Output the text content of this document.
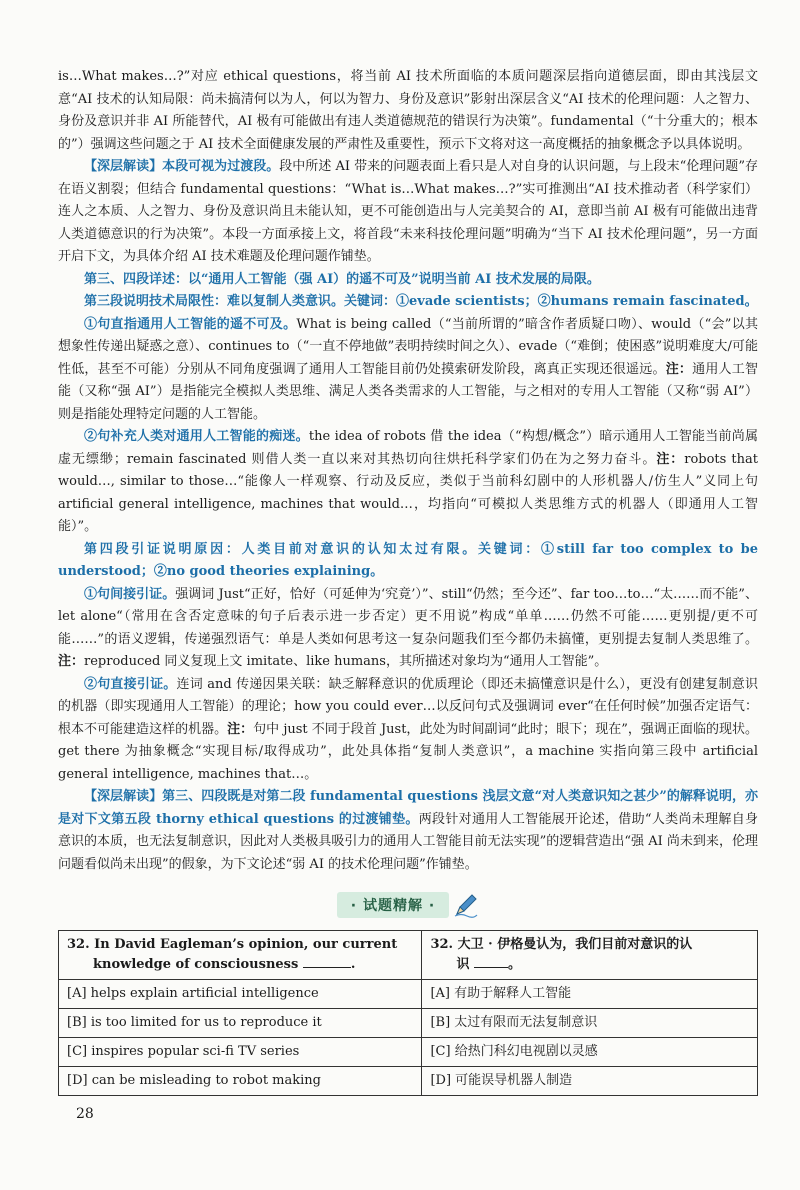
is…What makes…?”对应 ethical questions，将当前 AI 技术所面临的本质问题深层指向道德层面，即由其浅层文意“AI 技术的认知局限：尚未搞清何以为人，何以为智力、身份及意识”影射出深层含义“AI 技术的伦理问题：人之智力、身份及意识并非 AI 所能替代，AI 极有可能做出有违人类道德规范的错误行为决策”。fundamental（“十分重大的；根本的”）强调这些问题之于 AI 技术全面健康发展的严肃性及重要性，预示下文将对这一高度概括的抽象概念予以具体说明。

【深层解读】本段可视为过渡段。段中所述 AI 带来的问题表面上看只是人对自身的认识问题，与上段末“伦理问题”存在语义割裂；但结合 fundamental questions：“What is…What makes…?”实可推测出“AI 技术推动者（科学家们）连人之本质、人之智力、身份及意识尚且未能认知，更不可能创造出与人完美契合的 AI，意即当前 AI 极有可能做出违背人类道德意识的行为决策”。本段一方面承接上文，将首段“未来科技伦理问题”明确为“当下 AI 技术伦理问题”，另一方面开启下文，为具体介绍 AI 技术难题及伦理问题作铺垫。

第三、四段详述：以“通用人工智能（强 AI）的遥不可及”说明当前 AI 技术发展的局限。

第三段说明技术局限性：难以复制人类意识。关键词：①evade scientists；②humans remain fascinated。

①句直指通用人工智能的遥不可及。What is being called（“当前所谓的”暗含作者质疑口吻）、would（“会”以其想象性传递出疑惑之意）、continues to（“一直不停地做”表明持续时间之久）、evade（“难倒；使困惑”说明难度大/可能性低，甚至不可能）分别从不同角度强调了通用人工智能目前仍处摸索研发阶段，离真正实现还很遥远。注：通用人工智能（又称“强 AI”）是指能完全模拟人类思维、满足人类各类需求的人工智能，与之相对的专用人工智能（又称“弱 AI”）则是指能处理特定问题的人工智能。

②句补充人类对通用人工智能的痴迷。the idea of robots 借 the idea（“构想/概念”）暗示通用人工智能当前尚属虚无缥缈；remain fascinated 则借人类一直以来对其热切向往烘托科学家们仍在为之努力奋斗。注：robots that would…, similar to those…“能像人一样观察、行动及反应，类似于当前科幻剧中的人形机器人/仿生人”义同上句 artificial general intelligence, machines that would…，均指向“可模拟人类思维方式的机器人（即通用人工智能）”。

第四段引证说明原因：人类目前对意识的认知太过有限。关键词：①still far too complex to be understood；②no good theories explaining。

①句间接引证。强调词 Just“正好，恰好（可延伸为‘究竟’）”、still“仍然；至今还”、far too…to…“太……而不能”、let alone“（常用在含否定意味的句子后表示进一步否定）更不用说”构成“单单……仍然不可能……更别提/更不可能……”的语义逻辑，传递强烈语气：单是人类如何思考这一复杂问题我们至今都仍未搞懂，更别提去复制人类思维了。注：reproduced 同义复现上文 imitate、like humans，其所描述对象均为“通用人工智能”。

②句直接引证。连词 and 传递因果关联：缺乏解释意识的优质理论（即还未搞懂意识是什么），更没有创建复制意识的机器（即实现通用人工智能）的理论；how you could ever…以反问句式及强调词 ever“在任何时候”加强否定语气：根本不可能建造这样的机器。注：句中 just 不同于段首 Just，此处为时间副词“此时；眼下；现在”，强调正面临的现状。get there 为抽象概念“实现目标/取得成功”，此处具体指“复制人类意识”，a machine 实指向第三段中 artificial general intelligence, machines that…。

【深层解读】第三、四段既是对第二段 fundamental questions 浅层文意“对人类意识知之甚少”的解释说明，亦是对下文第五段 thorny ethical questions 的过渡铺垫。两段针对通用人工智能展开论述，借助“人类尚未理解自身意识的本质，也无法复制意识，因此对人类极具吸引力的通用人工智能目前无法实现”的逻辑营造出“强 AI 尚未到来，伦理问题看似尚未出现”的假象，为下文论述“弱 AI 的技术伦理问题”作铺垫。

· 试题精解 ·
32. In David Eagleman’s opinion, our current
knowledge of consciousness .	32. 大卫 · 伊格曼认为，我们目前对意识的认
识 。
[A] helps explain artificial intelligence	[A] 有助于解释人工智能
[B] is too limited for us to reproduce it	[B] 太过有限而无法复制意识
[C] inspires popular sci-fi TV series	[C] 给热门科幻电视剧以灵感
[D] can be misleading to robot making	[D] 可能误导机器人制造
28
